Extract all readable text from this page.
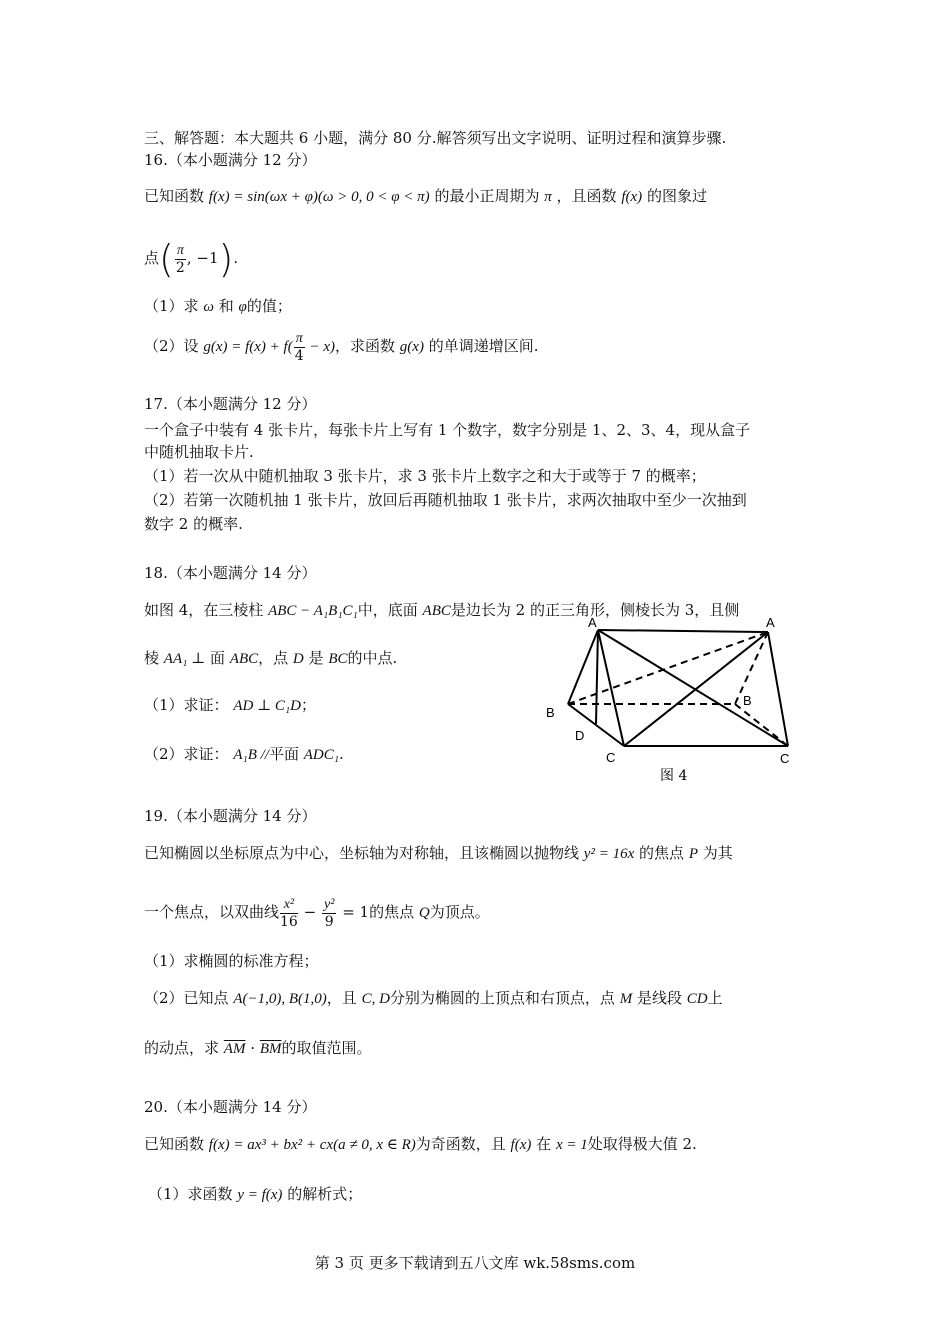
三、解答题：本大题共 6 小题，满分 80 分.解答须写出文字说明、证明过程和演算步骤.
16.（本小题满分 12 分）
已知函数 f(x) = sin(ωx + φ)(ω > 0, 0 < φ < π) 的最小正周期为 π ，且函数 f(x) 的图象过
点( $\frac{\pi}{2}$ , −1).
（1）求 ω 和 φ的值；
（2）设 $g(x) = f(x) + f( \frac{\pi}{4} - x)$，求函数 g(x) 的单调递增区间.
17.（本小题满分 12 分）
一个盒子中装有 4 张卡片，每张卡片上写有 1 个数字，数字分别是 1、2、3、4，现从盒子
中随机抽取卡片.
（1）若一次从中随机抽取 3 张卡片，求 3 张卡片上数字之和大于或等于 7 的概率；
（2）若第一次随机抽 1 张卡片，放回后再随机抽取 1 张卡片，求两次抽取中至少一次抽到
数字 2 的概率.
18.（本小题满分 14 分）
如图 4，在三棱柱 ABC − A₁B₁C₁中，底面 ABC是边长为 2 的正三角形，侧棱长为 3，且侧
棱 AA₁ ⊥ 面 ABC，点 D 是 BC的中点.
（1）求证： AD ⊥ C₁D；
（2）求证： A₁B //平面 ADC₁.
A	A
B
B
D
C	C
图 4
19.（本小题满分 14 分）
已知椭圆以坐标原点为中心，坐标轴为对称轴，且该椭圆以抛物线 y² = 16x 的焦点 P 为其
一个焦点，以双曲线 $\frac{\text{x²}}{16} - \frac{\text{y²}}{9} = 1$的焦点 Q为顶点。
（1）求椭圆的标准方程；
（2）已知点 A(−1,0), B(1,0)，且 C, D分别为椭圆的上顶点和右顶点，点 M 是线段 CD上
的动点，求 $\overline{AM} \cdot \overline{BM}$的取值范围。
20.（本小题满分 14 分）
已知函数 f(x) = ax³ + bx² + cx(a ≠ 0, x ∈ R)为奇函数，且 f(x) 在 x = 1处取得极大值 2.
（1）求函数 y = f(x) 的解析式；
第 3 页 更多下载请到五八文库 wk.58sms.com
